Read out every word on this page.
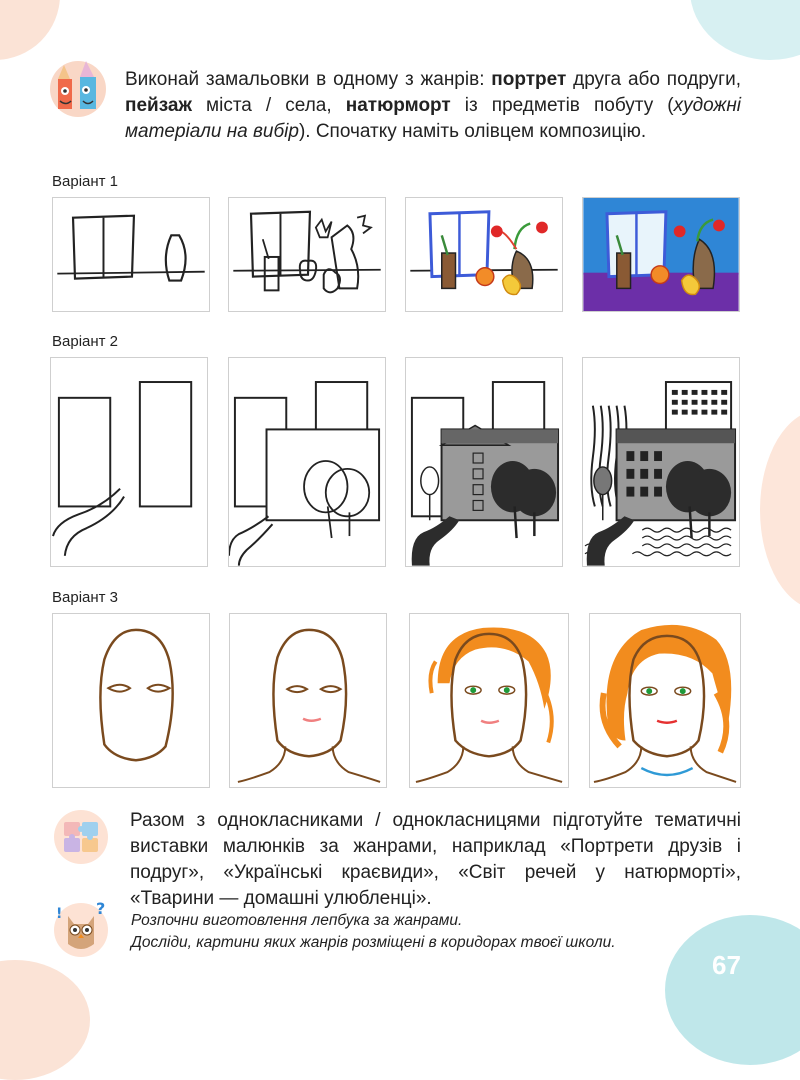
Виконай замальовки в одному з жанрів: портрет друга або подруги, пейзаж міста / села, натюрморт із предметів побуту (художні матеріали на вибір). Спочатку наміть олівцем композицію.
Варіант 1
Варіант 2
Варіант 3
Разом з однокласниками / однокласницями підготуйте тематичні виставки малюнків за жанрами, наприклад «Портрети друзів і подруг», «Українські краєвиди», «Світ речей у натюрморті», «Тварини — домашні улюбленці».
! ?
Розпочни виготовлення лепбука за жанрами.
Досліди, картини яких жанрів розміщені в коридорах твоєї школи.
67
